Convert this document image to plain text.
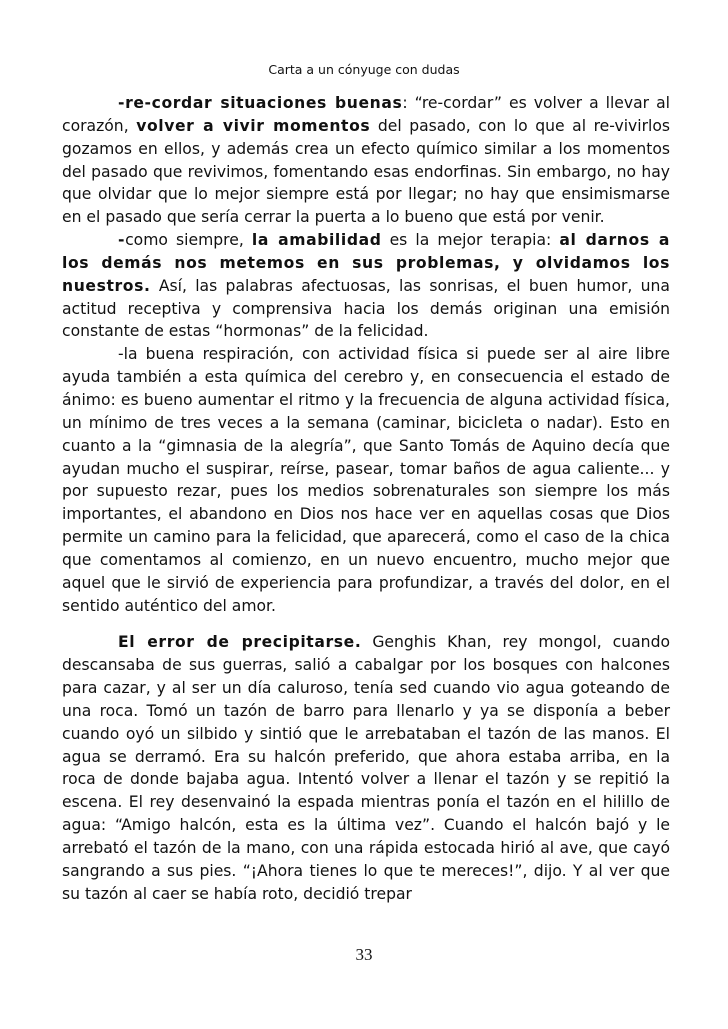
Carta a un cónyuge con dudas

-re-cordar situaciones buenas: “re-cordar” es volver a llevar al corazón, volver a vivir momentos del pasado, con lo que al re-vivirlos gozamos en ellos, y además crea un efecto químico similar a los momentos del pasado que revivimos, fomentando esas endorfinas. Sin embargo, no hay que olvidar que lo mejor siempre está por llegar; no hay que ensimismarse en el pasado que sería cerrar la puerta a lo bueno que está por venir.

-como siempre, la amabilidad es la mejor terapia: al darnos a los demás nos metemos en sus problemas, y olvidamos los nuestros. Así, las palabras afectuosas, las sonrisas, el buen humor, una actitud receptiva y comprensiva hacia los demás originan una emisión constante de estas “hormonas” de la felicidad.

-la buena respiración, con actividad física si puede ser al aire libre ayuda también a esta química del cerebro y, en consecuencia el estado de ánimo: es bueno aumentar el ritmo y la frecuencia de alguna actividad física, un mínimo de tres veces a la semana (caminar, bicicleta o nadar). Esto en cuanto a la “gimnasia de la alegría”, que Santo Tomás de Aquino decía que ayudan mucho el suspirar, reírse, pasear, tomar baños de agua caliente... y por supuesto rezar, pues los medios sobrenaturales son siempre los más importantes, el abandono en Dios nos hace ver en aquellas cosas que Dios permite un camino para la felicidad, que aparecerá, como el caso de la chica que comentamos al comienzo, en un nuevo encuentro, mucho mejor que aquel que le sirvió de experiencia para profundizar, a través del dolor, en el sentido auténtico del amor.

El error de precipitarse. Genghis Khan, rey mongol, cuando descansaba de sus guerras, salió a cabalgar por los bosques con halcones para cazar, y al ser un día caluroso, tenía sed cuando vio agua goteando de una roca. Tomó un tazón de barro para llenarlo y ya se disponía a beber cuando oyó un silbido y sintió que le arrebataban el tazón de las manos. El agua se derramó. Era su halcón preferido, que ahora estaba arriba, en la roca de donde bajaba agua. Intentó volver a llenar el tazón y se repitió la escena. El rey desenvainó la espada mientras ponía el tazón en el hilillo de agua: “Amigo halcón, esta es la última vez”. Cuando el halcón bajó y le arrebató el tazón de la mano, con una rápida estocada hirió al ave, que cayó sangrando a sus pies. “¡Ahora tienes lo que te mereces!”, dijo. Y al ver que su tazón al caer se había roto, decidió trepar

33
